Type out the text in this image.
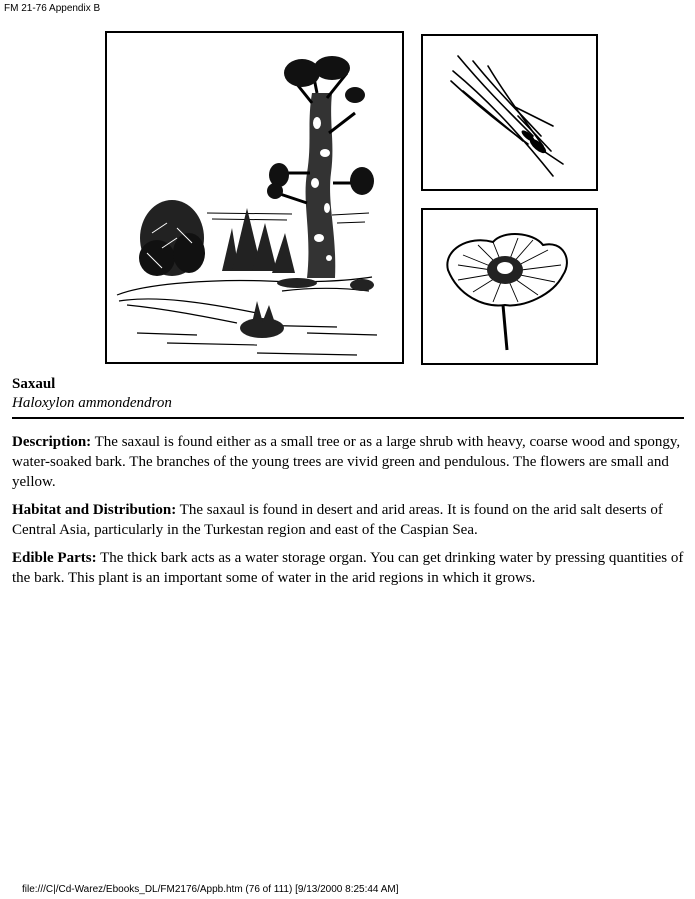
FM 21-76 Appendix B
Saxaul
Haloxylon ammondendron

Description: The saxaul is found either as a small tree or as a large shrub with heavy, coarse wood and spongy, water-soaked bark. The branches of the young trees are vivid green and pendulous. The flowers are small and yellow.

Habitat and Distribution: The saxaul is found in desert and arid areas. It is found on the arid salt deserts of Central Asia, particularly in the Turkestan region and east of the Caspian Sea.

Edible Parts: The thick bark acts as a water storage organ. You can get drinking water by pressing quantities of the bark. This plant is an important some of water in the arid regions in which it grows.

file:///C|/Cd-Warez/Ebooks_DL/FM2176/Appb.htm (76 of 111) [9/13/2000 8:25:44 AM]
